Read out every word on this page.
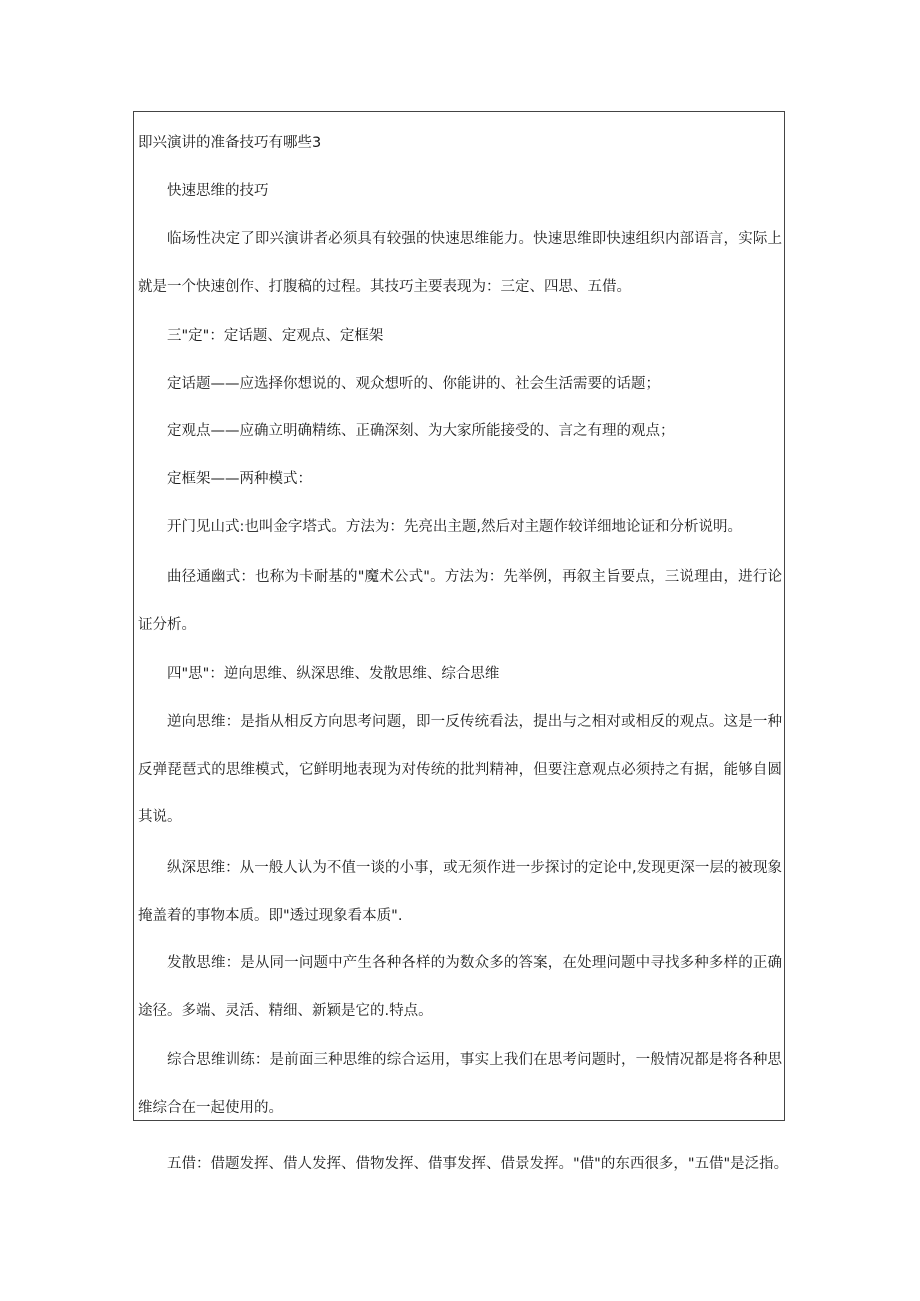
即兴演讲的准备技巧有哪些3

快速思维的技巧

临场性决定了即兴演讲者必须具有较强的快速思维能力。快速思维即快速组织内部语言，实际上就是一个快速创作、打腹稿的过程。其技巧主要表现为：三定、四思、五借。

三"定"：定话题、定观点、定框架

定话题——应选择你想说的、观众想听的、你能讲的、社会生活需要的话题；

定观点——应确立明确精练、正确深刻、为大家所能接受的、言之有理的观点；

定框架——两种模式：

开门见山式:也叫金字塔式。方法为：先亮出主题,然后对主题作较详细地论证和分析说明。

曲径通幽式：也称为卡耐基的"魔术公式"。方法为：先举例，再叙主旨要点，三说理由，进行论证分析。

四"思"：逆向思维、纵深思维、发散思维、综合思维

逆向思维：是指从相反方向思考问题，即一反传统看法，提出与之相对或相反的观点。这是一种反弹琵琶式的思维模式，它鲜明地表现为对传统的批判精神，但要注意观点必须持之有据，能够自圆其说。

纵深思维：从一般人认为不值一谈的小事，或无须作进一步探讨的定论中,发现更深一层的被现象掩盖着的事物本质。即"透过现象看本质".

发散思维：是从同一问题中产生各种各样的为数众多的答案，在处理问题中寻找多种多样的正确途径。多端、灵活、精细、新颖是它的.特点。

综合思维训练：是前面三种思维的综合运用，事实上我们在思考问题时，一般情况都是将各种思维综合在一起使用的。

五借：借题发挥、借人发挥、借物发挥、借事发挥、借景发挥。"借"的东西很多，"五借"是泛指。
